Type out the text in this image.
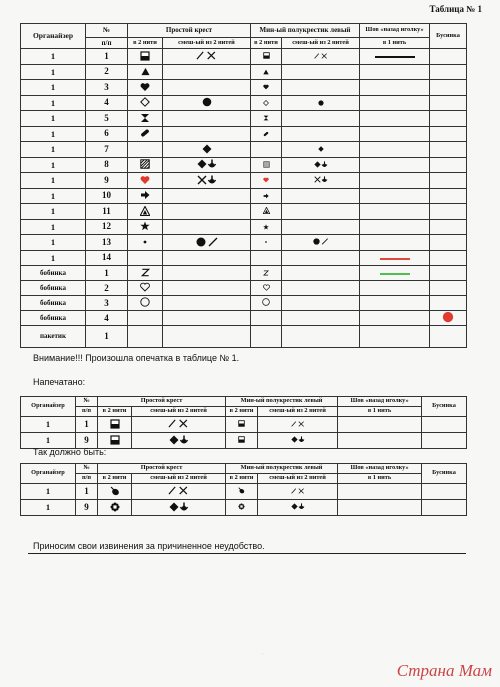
Таблица № 1
Органайзер	№	Простой крест		Мин-ый полукрестик левый		Шов «назад иголку»	Бусинка
	п/п	в 2 нити	смеш-ый из 2 нитей	в 2 нити	смеш-ый из 2 нитей	в 1 нить	
1	1						
1	2						
1	3						
1	4						
1	5						
1	6						
1	7						
1	8						
1	9						
1	10						
1	11						
1	12						
1	13						
1	14						
бобинка	1						
бобинка	2						
бобинка	3						
бобинка	4						
пакетик	1						
Внимание!!! Произошла опечатка в таблице № 1.
Напечатано:
Органайзер	№	Простой крест		Мин-ый полукрестик левый		Шов «назад иголку»	Бусинка
	п/п	в 2 нити	смеш-ый из 2 нитей	в 2 нити	смеш-ый из 2 нитей	в 1 нить	
1	1						
1	9						
Так должно быть:
Органайзер	№	Простой крест		Мин-ый полукрестик левый		Шов «назад иголку»	Бусинка
	п/п	в 2 нити	смеш-ый из 2 нитей	в 2 нити	смеш-ый из 2 нитей	в 1 нить	
1	1						
1	9						
Приносим свои извинения за причиненное неудобство.
·
Страна Мам
